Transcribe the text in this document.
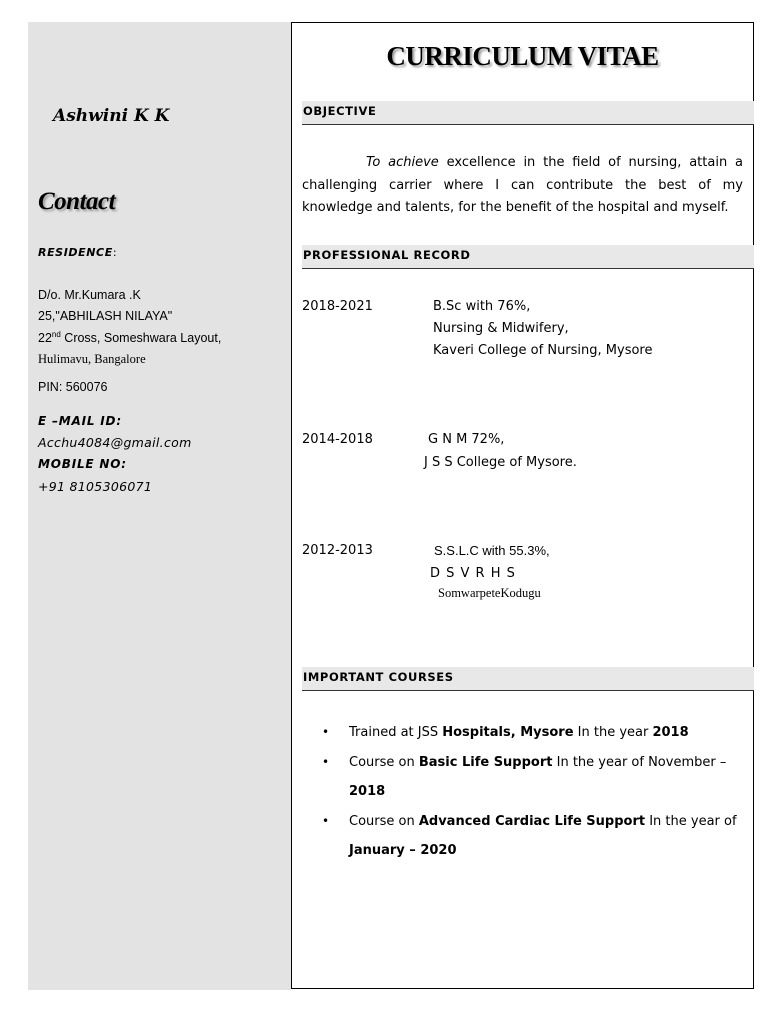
Ashwini K K
Contact
RESIDENCE:
D/o. Mr.Kumara .K
25,"ABHILASH NILAYA"
22nd Cross, Someshwara Layout,
Hulimavu, Bangalore
PIN: 560076
E –MAIL ID:
Acchu4084@gmail.com
MOBILE NO:
+91 8105306071
CURRICULUM VITAE
OBJECTIVE
To achieve excellence in the field of nursing, attain a challenging carrier where I can contribute the best of my knowledge and talents, for the benefit of the hospital and myself.
PROFESSIONAL RECORD
2018-2021	B.Sc with 76%,
Nursing & Midwifery,
Kaveri College of Nursing, Mysore
2014-2018	G N M 72%,
J S S College of Mysore.
2012-2013	S.S.L.C with 55.3%,
D S V R H S
SomwarpeteKodugu
IMPORTANT COURSES
• Trained at JSS Hospitals, Mysore In the year 2018
• Course on Basic Life Support In the year of November – 2018
• Course on Advanced Cardiac Life Support In the year of January – 2020
